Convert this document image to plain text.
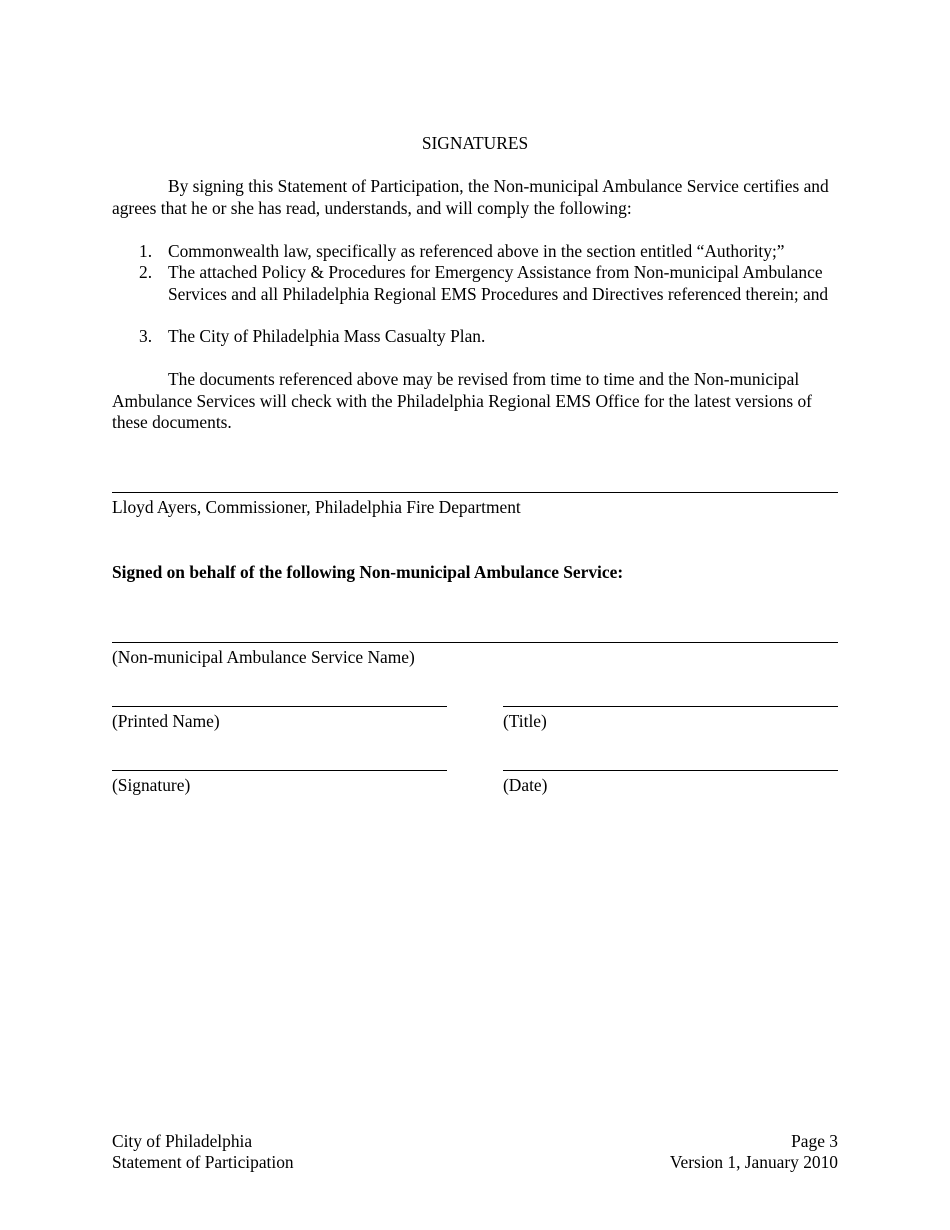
SIGNATURES
By signing this Statement of Participation, the Non-municipal Ambulance Service certifies and agrees that he or she has read, understands, and will comply the following:
1. Commonwealth law, specifically as referenced above in the section entitled “Authority;”
2. The attached Policy & Procedures for Emergency Assistance from Non-municipal Ambulance Services and all Philadelphia Regional EMS Procedures and Directives referenced therein; and
3. The City of Philadelphia Mass Casualty Plan.
The documents referenced above may be revised from time to time and the Non-municipal Ambulance Services will check with the Philadelphia Regional EMS Office for the latest versions of these documents.
Lloyd Ayers, Commissioner, Philadelphia Fire Department
Signed on behalf of the following Non-municipal Ambulance Service:
(Non-municipal Ambulance Service Name)
(Printed Name)	(Title)
(Signature)	(Date)
City of Philadelphia
Statement of Participation
Page 3
Version 1, January 2010
